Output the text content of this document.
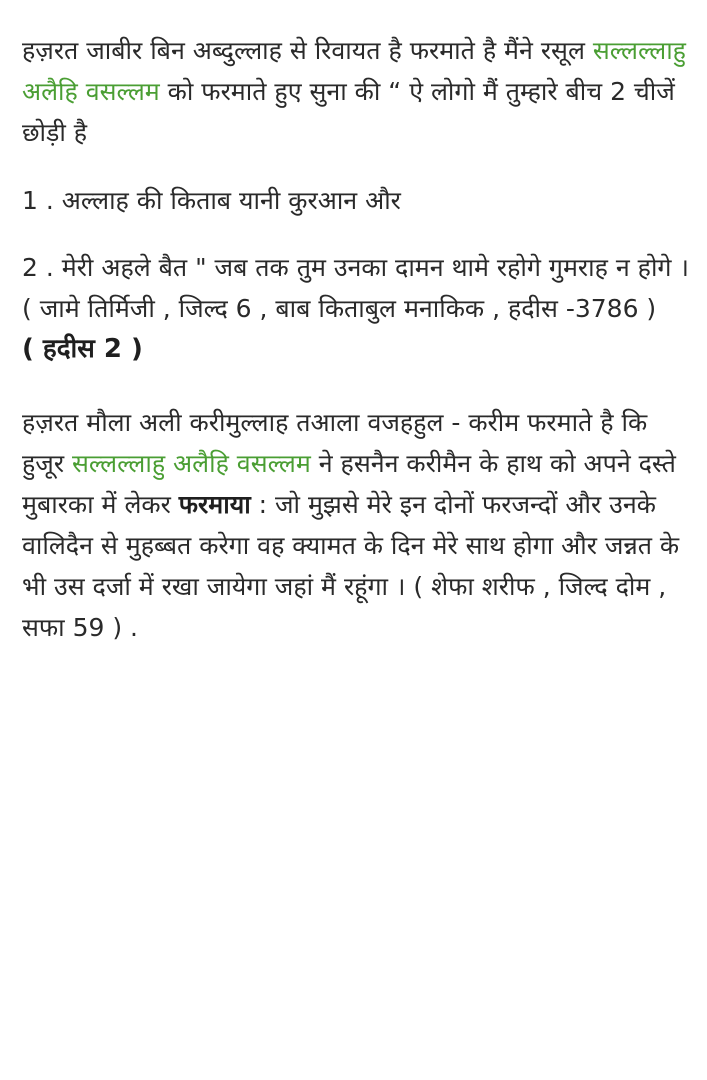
हज़रत जाबीर बिन अब्दुल्लाह से रिवायत है फरमाते है मैंने रसूल सल्लल्लाहु अलैहि वसल्लम को फरमाते हुए सुना की “ ऐ लोगो मैं तुम्हारे बीच 2 चीजें छोड़ी है

1 . अल्लाह की किताब यानी कुरआन और

2 . मेरी अहले बैत " जब तक तुम उनका दामन थामे रहोगे गुमराह न होगे । ( जामे तिर्मिजी , जिल्द 6 , बाब किताबुल मनाकिक , हदीस -3786 )

( हदीस 2 )

हज़रत मौला अली करीमुल्लाह तआला वजहहुल - करीम फरमाते है कि हुजूर सल्लल्लाहु अलैहि वसल्लम ने हसनैन करीमैन के हाथ को अपने दस्ते मुबारका में लेकर फरमाया : जो मुझसे मेरे इन दोनों फरजन्दों और उनके वालिदैन से मुहब्बत करेगा वह क्यामत के दिन मेरे साथ होगा और जन्नत के भी उस दर्जा में रखा जायेगा जहां मैं रहूंगा । ( शेफा शरीफ , जिल्द दोम , सफा 59 ) .
